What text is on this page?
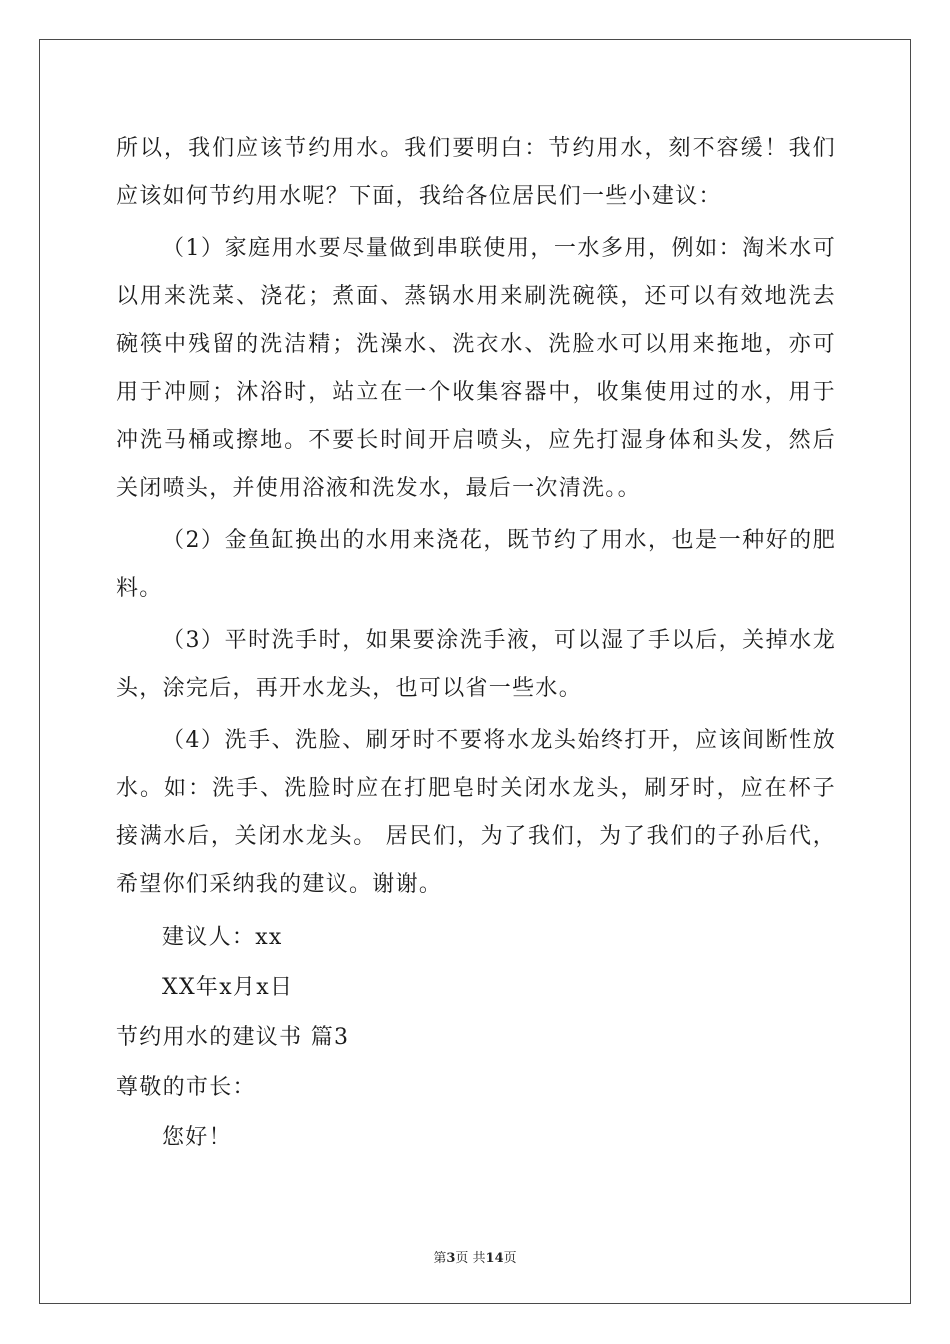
所以，我们应该节约用水。我们要明白：节约用水，刻不容缓！我们应该如何节约用水呢？下面，我给各位居民们一些小建议：

（1）家庭用水要尽量做到串联使用，一水多用，例如：淘米水可以用来洗菜、浇花；煮面、蒸锅水用来刷洗碗筷，还可以有效地洗去碗筷中残留的洗洁精；洗澡水、洗衣水、洗脸水可以用来拖地，亦可用于冲厕；沐浴时，站立在一个收集容器中，收集使用过的水，用于冲洗马桶或擦地。不要长时间开启喷头，应先打湿身体和头发，然后关闭喷头，并使用浴液和洗发水，最后一次清洗。。

（2）金鱼缸换出的水用来浇花，既节约了用水，也是一种好的肥料。

（3）平时洗手时，如果要涂洗手液，可以湿了手以后，关掉水龙头，涂完后，再开水龙头，也可以省一些水。

（4）洗手、洗脸、刷牙时不要将水龙头始终打开，应该间断性放水。如：洗手、洗脸时应在打肥皂时关闭水龙头，刷牙时，应在杯子接满水后，关闭水龙头。 居民们，为了我们，为了我们的子孙后代，希望你们采纳我的建议。谢谢。

建议人：xx

XX年x月x日

节约用水的建议书 篇3

尊敬的市长：

您好！

第3页 共14页
